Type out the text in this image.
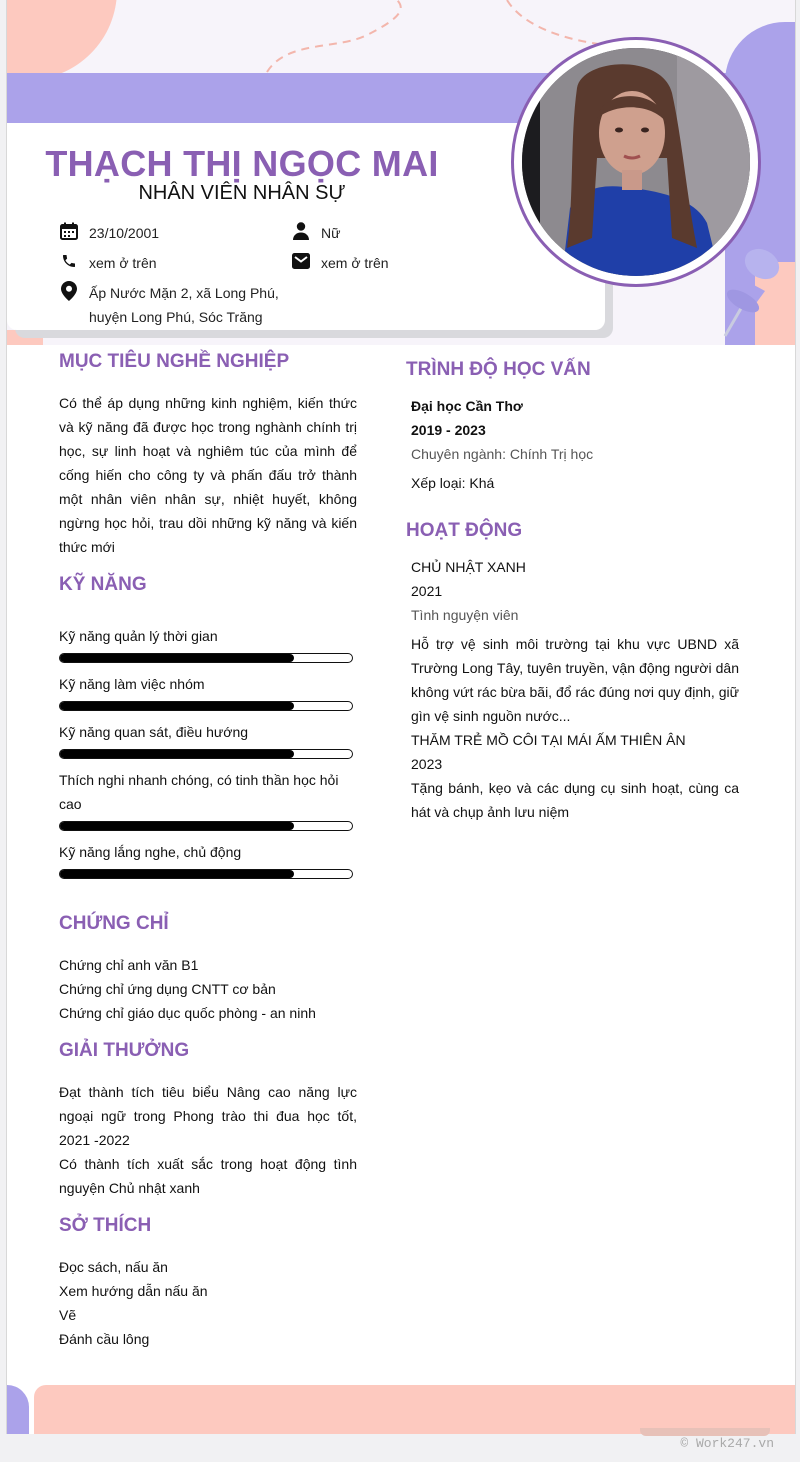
THẠCH THỊ NGỌC MAI
NHÂN VIÊN NHÂN SỰ
23/10/2001
xem ở trên
Ấp Nước Mặn 2, xã Long Phú,
huyện Long Phú, Sóc Trăng
Nữ
xem ở trên
MỤC TIÊU NGHỀ NGHIỆP
Có thể áp dụng những kinh nghiệm, kiến thức và kỹ năng đã được học trong nghành chính trị học, sự linh hoạt và nghiêm túc của mình để cống hiến cho công ty và phấn đấu trở thành một nhân viên nhân sự, nhiệt huyết, không ngừng học hỏi, trau dồi những kỹ năng và kiến thức mới
KỸ NĂNG
Kỹ năng quản lý thời gian
Kỹ năng làm việc nhóm
Kỹ năng quan sát, điều hướng
Thích nghi nhanh chóng, có tinh thần học hỏi cao
Kỹ năng lắng nghe, chủ động
CHỨNG CHỈ
Chứng chỉ anh văn B1
Chứng chỉ ứng dụng CNTT cơ bản
Chứng chỉ giáo dục quốc phòng - an ninh
GIẢI THƯỞNG
Đạt thành tích tiêu biểu Nâng cao năng lực ngoại ngữ trong Phong trào thi đua học tốt, 2021 -2022
Có thành tích xuất sắc trong hoạt động tình nguyện Chủ nhật xanh
SỞ THÍCH
Đọc sách, nấu ăn
Xem hướng dẫn nấu ăn
Vẽ
Đánh cầu lông
TRÌNH ĐỘ HỌC VẤN
Đại học Cần Thơ
2019 - 2023
Chuyên ngành: Chính Trị học
Xếp loại: Khá
HOẠT ĐỘNG
CHỦ NHẬT XANH
2021
Tình nguyện viên
Hỗ trợ vệ sinh môi trường tại khu vực UBND xã Trường Long Tây, tuyên truyền, vận động người dân không vứt rác bừa bãi, đổ rác đúng nơi quy định, giữ gìn vệ sinh nguồn nước...
THĂM TRẺ MỒ CÔI TẠI MÁI ẤM THIÊN ÂN
2023
Tặng bánh, kẹo và các dụng cụ sinh hoạt, cùng ca hát và chụp ảnh lưu niệm
© Work247.vn
